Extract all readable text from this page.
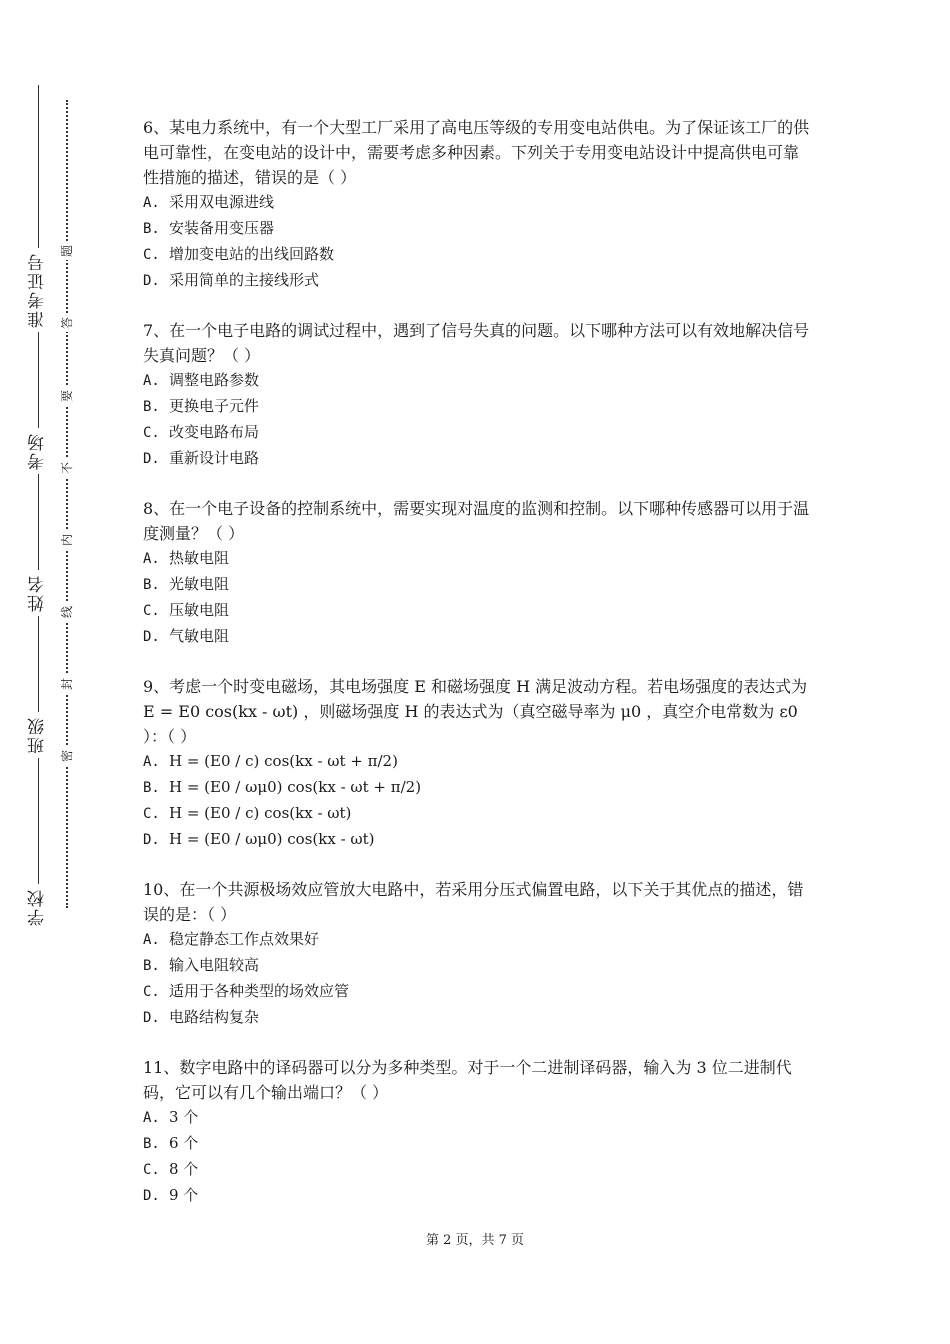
准考证号
考场
姓名
班级
学校
题
答
要
不
内
线
封
密

6、某电力系统中，有一个大型工厂采用了高电压等级的专用变电站供电。为了保证该工厂的供电可靠性，在变电站的设计中，需要考虑多种因素。下列关于专用变电站设计中提高供电可靠性措施的描述，错误的是（ ）

A. 采用双电源进线
B. 安装备用变压器
C. 增加变电站的出线回路数
D. 采用简单的主接线形式

7、在一个电子电路的调试过程中，遇到了信号失真的问题。以下哪种方法可以有效地解决信号失真问题？（ ）

A. 调整电路参数
B. 更换电子元件
C. 改变电路布局
D. 重新设计电路

8、在一个电子设备的控制系统中，需要实现对温度的监测和控制。以下哪种传感器可以用于温度测量？（ ）

A. 热敏电阻
B. 光敏电阻
C. 压敏电阻
D. 气敏电阻

9、考虑一个时变电磁场，其电场强度 E 和磁场强度 H 满足波动方程。若电场强度的表达式为 E = E0 cos(kx - ωt) ，则磁场强度 H 的表达式为（真空磁导率为 μ0 ，真空介电常数为 ε0 ）：（ ）

A. H = (E0 / c) cos(kx - ωt + π/2)
B. H = (E0 / ωμ0) cos(kx - ωt + π/2)
C. H = (E0 / c) cos(kx - ωt)
D. H = (E0 / ωμ0) cos(kx - ωt)

10、在一个共源极场效应管放大电路中，若采用分压式偏置电路，以下关于其优点的描述，错误的是：（ ）

A. 稳定静态工作点效果好
B. 输入电阻较高
C. 适用于各种类型的场效应管
D. 电路结构复杂

11、数字电路中的译码器可以分为多种类型。对于一个二进制译码器，输入为 3 位二进制代码，它可以有几个输出端口？（ ）

A. 3 个
B. 6 个
C. 8 个
D. 9 个
第 2 页，共 7 页
